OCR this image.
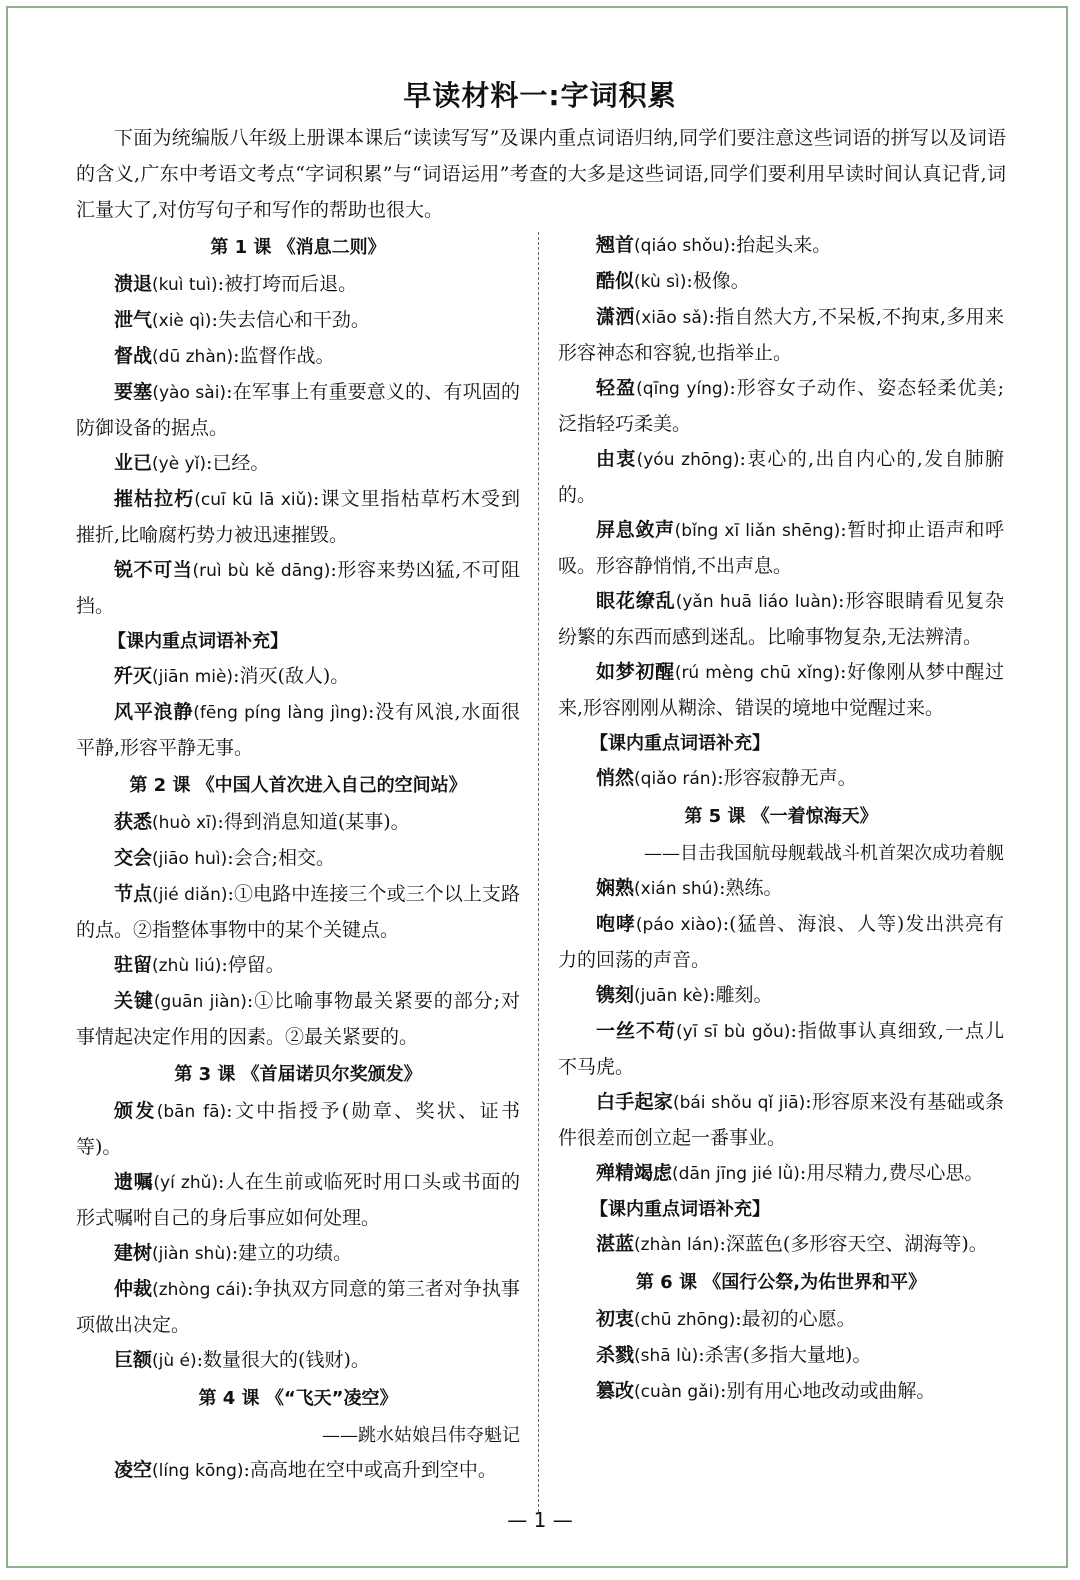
早读材料一:字词积累

下面为统编版八年级上册课本课后“读读写写”及课内重点词语归纳,同学们要注意这些词语的拼写以及词语的含义,广东中考语文考点“字词积累”与“词语运用”考查的大多是这些词语,同学们要利用早读时间认真记背,词汇量大了,对仿写句子和写作的帮助也很大。

第 1 课 《消息二则》
溃退(kuì tuì):被打垮而后退。
泄气(xiè qì):失去信心和干劲。
督战(dū zhàn):监督作战。
要塞(yào sài):在军事上有重要意义的、有巩固的防御设备的据点。
业已(yè yǐ):已经。
摧枯拉朽(cuī kū lā xiǔ):课文里指枯草朽木受到摧折,比喻腐朽势力被迅速摧毁。
锐不可当(ruì bù kě dāng):形容来势凶猛,不可阻挡。
【课内重点词语补充】
歼灭(jiān miè):消灭(敌人)。
风平浪静(fēng píng làng jìng):没有风浪,水面很平静,形容平静无事。
第 2 课 《中国人首次进入自己的空间站》
获悉(huò xī):得到消息知道(某事)。
交会(jiāo huì):会合;相交。
节点(jié diǎn):①电路中连接三个或三个以上支路的点。②指整体事物中的某个关键点。
驻留(zhù liú):停留。
关键(guān jiàn):①比喻事物最关紧要的部分;对事情起决定作用的因素。②最关紧要的。
第 3 课 《首届诺贝尔奖颁发》
颁发(bān fā):文中指授予(勋章、奖状、证书等)。
遗嘱(yí zhǔ):人在生前或临死时用口头或书面的形式嘱咐自己的身后事应如何处理。
建树(jiàn shù):建立的功绩。
仲裁(zhòng cái):争执双方同意的第三者对争执事项做出决定。
巨额(jù é):数量很大的(钱财)。
第 4 课 《“飞天”凌空》
——跳水姑娘吕伟夺魁记
凌空(líng kōng):高高地在空中或高升到空中。
翘首(qiáo shǒu):抬起头来。
酷似(kù sì):极像。
潇洒(xiāo sǎ):指自然大方,不呆板,不拘束,多用来形容神态和容貌,也指举止。
轻盈(qīng yíng):形容女子动作、姿态轻柔优美;泛指轻巧柔美。
由衷(yóu zhōng):衷心的,出自内心的,发自肺腑的。
屏息敛声(bǐng xī liǎn shēng):暂时抑止语声和呼吸。形容静悄悄,不出声息。
眼花缭乱(yǎn huā liáo luàn):形容眼睛看见复杂纷繁的东西而感到迷乱。比喻事物复杂,无法辨清。
如梦初醒(rú mèng chū xǐng):好像刚从梦中醒过来,形容刚刚从糊涂、错误的境地中觉醒过来。
【课内重点词语补充】
悄然(qiǎo rán):形容寂静无声。
第 5 课 《一着惊海天》
——目击我国航母舰载战斗机首架次成功着舰
娴熟(xián shú):熟练。
咆哮(páo xiào):(猛兽、海浪、人等)发出洪亮有力的回荡的声音。
镌刻(juān kè):雕刻。
一丝不苟(yī sī bù gǒu):指做事认真细致,一点儿不马虎。
白手起家(bái shǒu qǐ jiā):形容原来没有基础或条件很差而创立起一番事业。
殚精竭虑(dān jīng jié lǜ):用尽精力,费尽心思。
【课内重点词语补充】
湛蓝(zhàn lán):深蓝色(多形容天空、湖海等)。
第 6 课 《国行公祭,为佑世界和平》
初衷(chū zhōng):最初的心愿。
杀戮(shā lù):杀害(多指大量地)。
篡改(cuàn gǎi):别有用心地改动或曲解。
— 1 —
